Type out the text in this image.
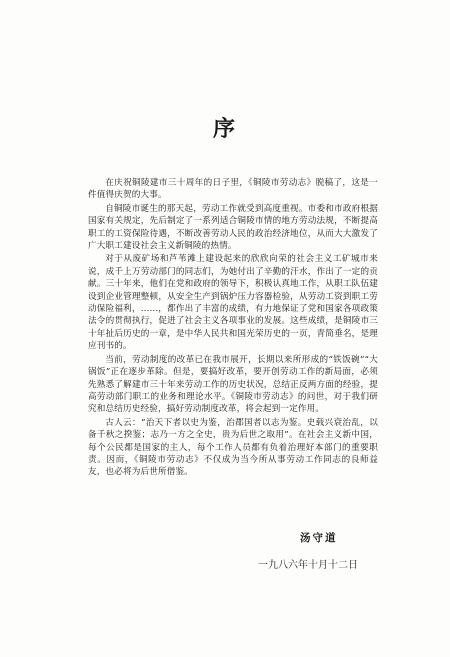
序

在庆祝铜陵建市三十周年的日子里，《铜陵市劳动志》脱稿了，这是一件值得庆贺的大事。

自铜陵市诞生的那天起，劳动工作就受到高度重视。市委和市政府根据国家有关规定，先后制定了一系列适合铜陵市情的地方劳动法规，不断提高职工的工资保险待遇，不断改善劳动人民的政治经济地位，从而大大激发了广大职工建设社会主义新铜陵的热情。

对于从废矿场和芦苇滩上建设起来的欣欣向荣的社会主义工矿城市来说，成千上万劳动部门的同志们，为她付出了辛勤的汗水，作出了一定的贡献。三十年来，他们在党和政府的领导下，积极认真地工作，从职工队伍建设到企业管理整顿，从安全生产到锅炉压力容器检验，从劳动工资到职工劳动保险福利，……，都作出了丰富的成绩，有力地保证了党和国家各项政策法令的贯彻执行，促进了社会主义各项事业的发展。这些成绩，是铜陵市三十年扯后历史的一章，是中华人民共和国光荣历史的一页，青简垂名，是理应刊书的。

当前，劳动制度的改革已在我市展开，长期以来所形成的“铁饭碗”“大锅饭”正在逐步革除。但是，要搞好改革，要开创劳动工作的新局面，必须先熟悉了解建市三十年来劳动工作的历史状况，总结正反两方面的经验，提高劳动部门职工的业务和理论水平。《铜陵市劳动志》的问世，对于我们研究和总结历史经验，搞好劳动制度改革，将会起到一定作用。

古人云：“治天下者以史为鉴，治郡国者以志为鉴。史载兴衰治乱，以备千秋之揆鉴；志乃一方之全史，贵为后世之取用”。在社会主义新中国，每个公民都是国家的主人，每个工作人员都有负着治理好本部门的重要职责。因而，《铜陵市劳动志》不仅成为当今所从事劳动工作同志的良师益友，也必将为后世所借鉴。

汤守道
一九八六年十月十二日
